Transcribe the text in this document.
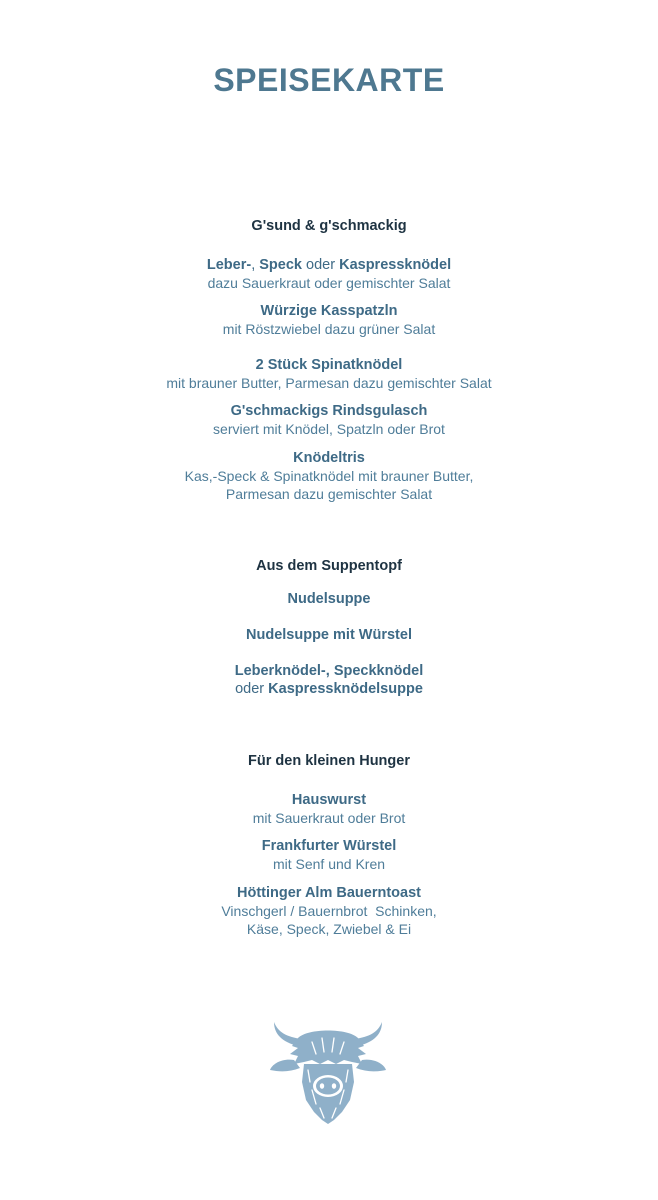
SPEISEKARTE
G'sund & g'schmackig
Leber-, Speck oder Kaspressknödel
dazu Sauerkraut oder gemischter Salat
Würzige Kasspatzln
mit Röstzwiebel dazu grüner Salat
2 Stück Spinatknödel
mit brauner Butter, Parmesan dazu gemischter Salat
G'schmackigs Rindsgulasch
serviert mit Knödel, Spatzln oder Brot
Knödeltris
Kas,-Speck & Spinatknödel mit brauner Butter,
Parmesan dazu gemischter Salat
Aus dem Suppentopf
Nudelsuppe
Nudelsuppe mit Würstel
Leberknödel-, Speckknödel
oder Kaspressknödelsuppe
Für den kleinen Hunger
Hauswurst
mit Sauerkraut oder Brot
Frankfurter Würstel
mit Senf und Kren
Höttinger Alm Bauerntoast
Vinschgerl / Bauernbrot  Schinken,
Käse, Speck, Zwiebel & Ei
